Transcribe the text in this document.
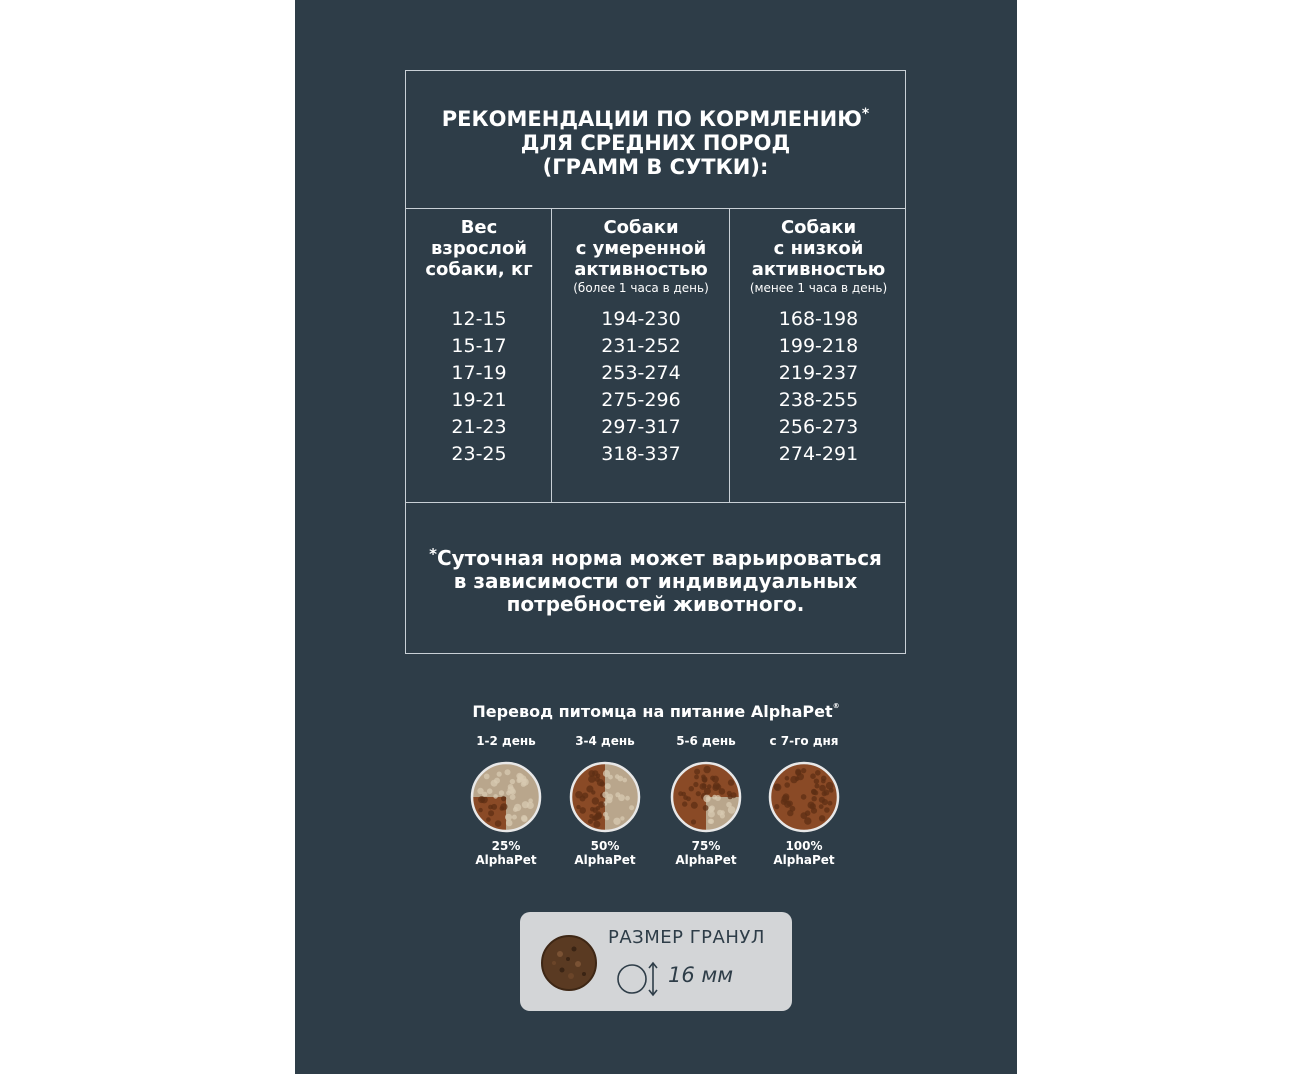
РЕКОМЕНДАЦИИ ПО КОРМЛЕНИЮ*
ДЛЯ СРЕДНИХ ПОРОД
(ГРАММ В СУТКИ):
Вес
взрослой
собаки, кг
12-15
15-17
17-19
19-21
21-23
23-25
Собаки
с умеренной
активностью
(более 1 часа в день)
194-230
231-252
253-274
275-296
297-317
318-337
Собаки
с низкой
активностью
(менее 1 часа в день)
168-198
199-218
219-237
238-255
256-273
274-291
*Суточная норма может варьироваться
в зависимости от индивидуальных
потребностей животного.
Перевод питомца на питание AlphaPet®
1-2 день
25%
AlphaPet
3-4 день
50%
AlphaPet
5-6 день
75%
AlphaPet
с 7-го дня
100%
AlphaPet
РАЗМЕР ГРАНУЛ
16 мм
